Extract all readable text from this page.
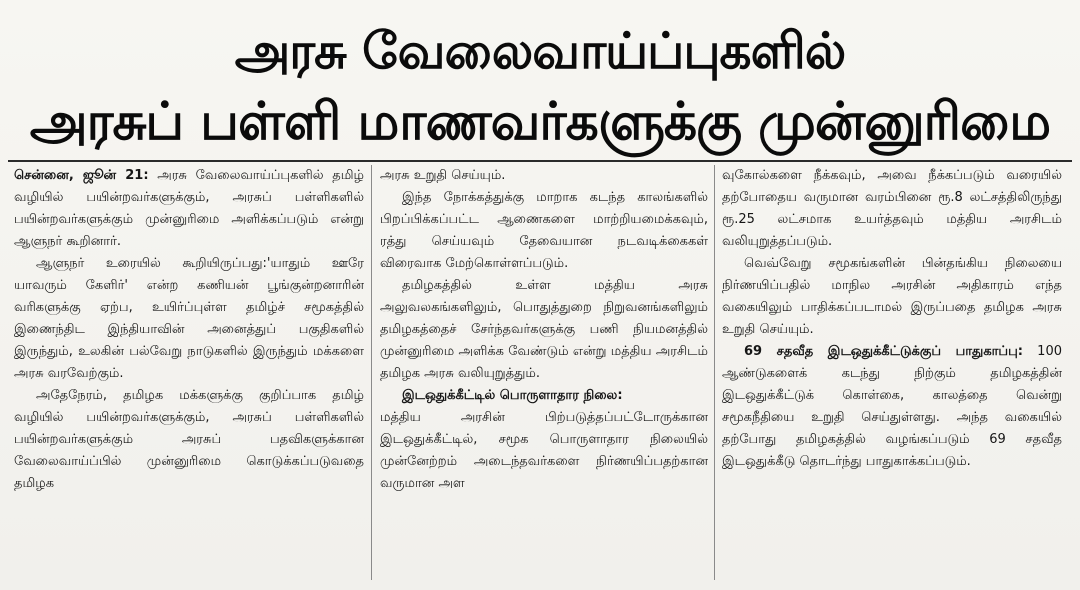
அரசு வேலைவாய்ப்புகளில்
அரசுப் பள்ளி மாணவர்களுக்கு முன்னுரிமை

சென்னை, ஜூன் 21: அரசு வேலைவாய்ப்புகளில் தமிழ் வழியில் பயின்றவர்களுக்கும், அரசுப் பள்ளிகளில் பயின்றவர்களுக்கும் முன்னுரிமை அளிக்கப்படும் என்று ஆளுநர் கூறினார்.

ஆளுநர் உரையில் கூறியிருப்பது:'யாதும் ஊரே யாவரும் கேளிர்' என்ற கணியன் பூங்குன்றனாரின் வரிகளுக்கு ஏற்ப, உயிர்ப்புள்ள தமிழ்ச் சமூகத்தில் இணைந்திட இந்தியாவின் அனைத்துப் பகுதிகளில் இருந்தும், உலகின் பல்வேறு நாடுகளில் இருந்தும் மக்களை அரசு வரவேற்கும்.

அதேநேரம், தமிழக மக்களுக்கு குறிப்பாக தமிழ் வழியில் பயின்றவர்களுக்கும், அரசுப் பள்ளிகளில் பயின்றவர்களுக்கும் அரசுப் பதவிகளுக்கான வேலைவாய்ப்பில் முன்னுரிமை கொடுக்கப்படுவதை தமிழக

அரசு உறுதி செய்யும்.

இந்த நோக்கத்துக்கு மாறாக கடந்த காலங்களில் பிறப்பிக்கப்பட்ட ஆணைகளை மாற்றியமைக்கவும், ரத்து செய்யவும் தேவையான நடவடிக்கைகள் விரைவாக மேற்கொள்ளப்படும்.

தமிழகத்தில் உள்ள மத்திய அரசு அலுவலகங்களிலும், பொதுத்துறை நிறுவனங்களிலும் தமிழகத்தைச் சேர்ந்தவர்களுக்கு பணி நியமனத்தில் முன்னுரிமை அளிக்க வேண்டும் என்று மத்திய அரசிடம் தமிழக அரசு வலியுறுத்தும்.

இடஒதுக்கீட்டில் பொருளாதார நிலை:

மத்திய அரசின் பிற்படுத்தப்பட்டோருக்கான இடஒதுக்கீட்டில், சமூக பொருளாதார நிலையில் முன்னேற்றம் அடைந்தவர்களை நிர்ணயிப்பதற்கான வருமான அள

வுகோல்களை நீக்கவும், அவை நீக்கப்படும் வரையில் தற்போதைய வருமான வரம்பினை ரூ.8 லட்சத்திலிருந்து ரூ.25 லட்சமாக உயர்த்தவும் மத்திய அரசிடம் வலியுறுத்தப்படும்.

வெவ்வேறு சமூகங்களின் பின்தங்கிய நிலையை நிர்ணயிப்பதில் மாநில அரசின் அதிகாரம் எந்த வகையிலும் பாதிக்கப்படாமல் இருப்பதை தமிழக அரசு உறுதி செய்யும்.

69 சதவீத இடஒதுக்கீட்டுக்குப் பாதுகாப்பு: 100 ஆண்டுகளைக் கடந்து நிற்கும் தமிழகத்தின் இடஒதுக்கீட்டுக் கொள்கை, காலத்தை வென்று சமூகநீதியை உறுதி செய்துள்ளது. அந்த வகையில் தற்போது தமிழகத்தில் வழங்கப்படும் 69 சதவீத இடஒதுக்கீடு தொடர்ந்து பாதுகாக்கப்படும்.
